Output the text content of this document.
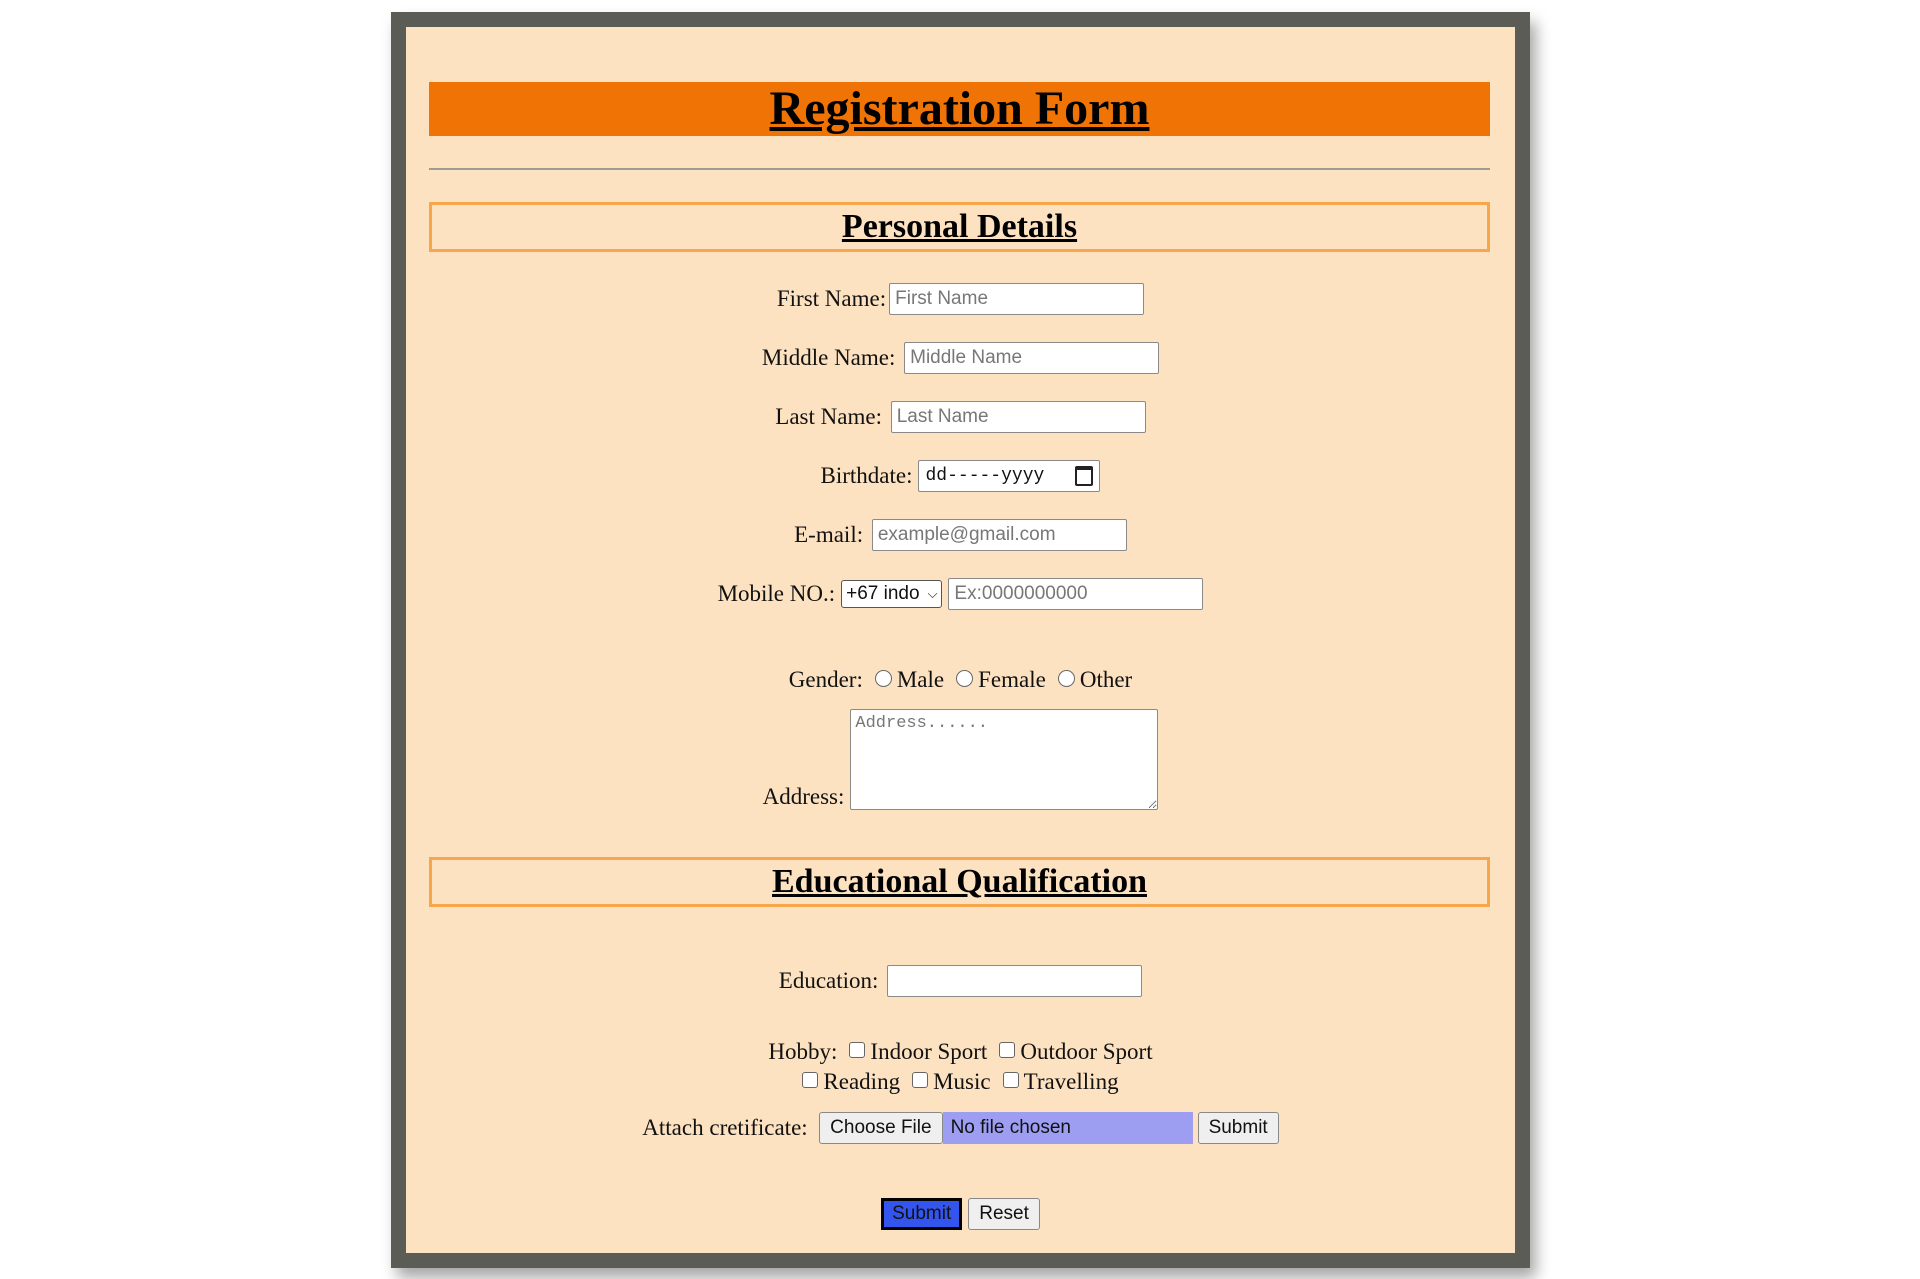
Registration Form
Personal Details
First Name:
First Name
Middle Name:

Middle Name
Last Name:

Last Name
Birthdate: dd-----yyyy
E-mail:

example@gmail.com
Mobile NO.: +67 indo ⌵
Ex:0000000000
Gender: Male Female Other
Address:
Address......
Educational Qualification
Education:

Hobby: Indoor Sport Outdoor Sport
Reading Music Travelling
Attach cretificate:
	Choose File	No file chosen	Submit
Submit	Reset
